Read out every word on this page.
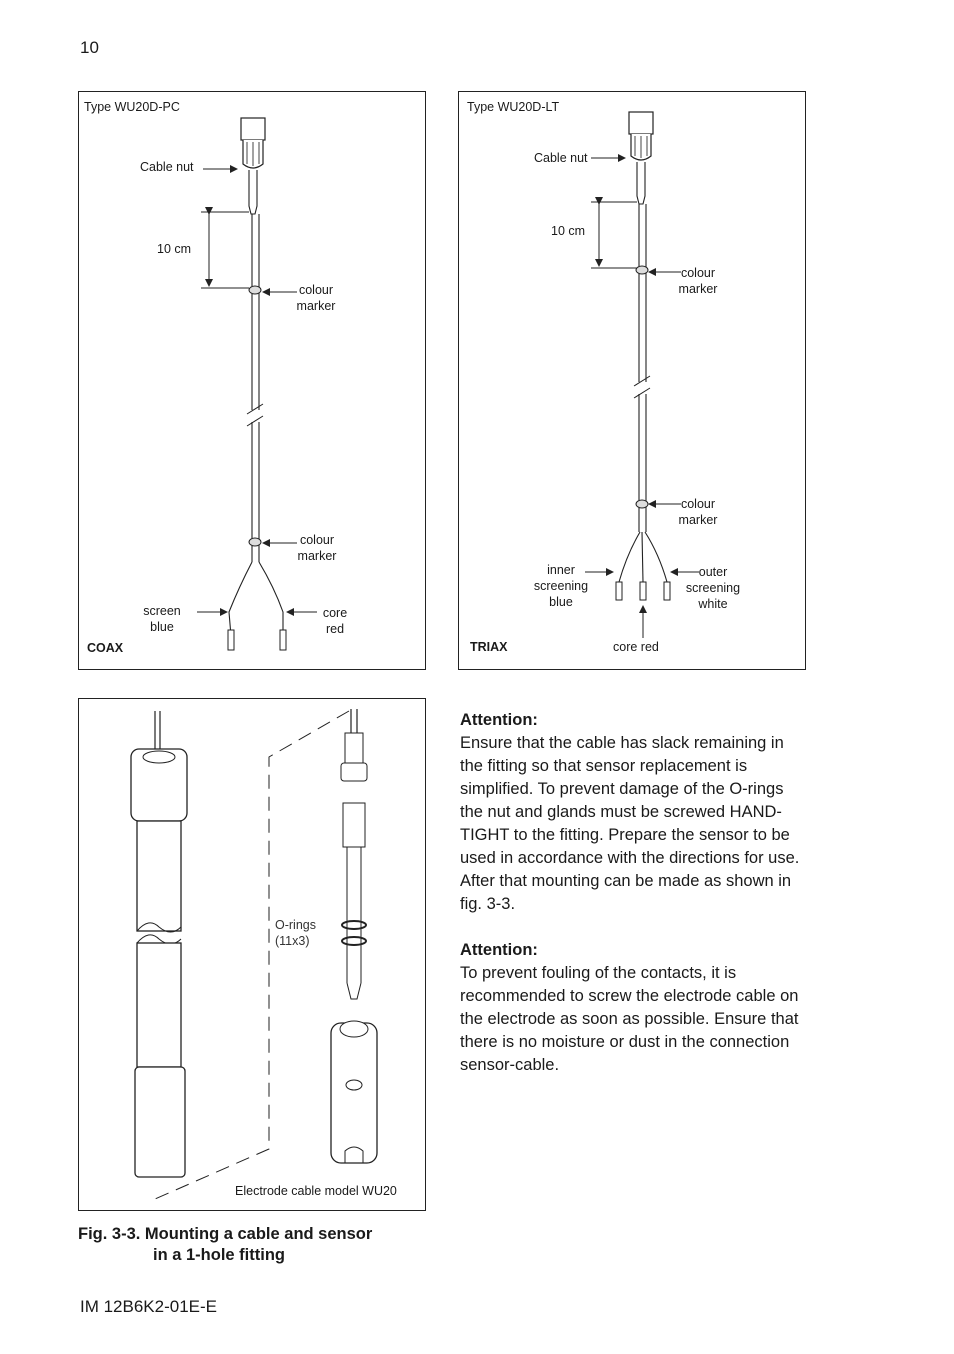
10
Type WU20D-PC
Cable nut
10 cm
colour
marker
colour
marker
screen
blue
core
red
COAX
Type WU20D-LT
Cable nut
10 cm
colour
marker
colour
marker
inner
screening
blue
outer
screening
white
core red
TRIAX
O-rings
(11x3)
Electrode cable model WU20
Fig. 3-3. Mounting a cable and sensor
in a 1-hole fitting

Attention:
Ensure that the cable has slack remaining in the fitting so that sensor replacement is simplified. To prevent damage of the O-rings the nut and glands must be screwed HAND-TIGHT to the fitting. Prepare the sensor to be used in accordance with the directions for use. After that mounting can be made as shown in fig. 3-3.

Attention:
To prevent fouling of the contacts, it is recommended to screw the electrode cable on the electrode as soon as possible. Ensure that there is no moisture or dust in the connection sensor-cable.

IM 12B6K2-01E-E
